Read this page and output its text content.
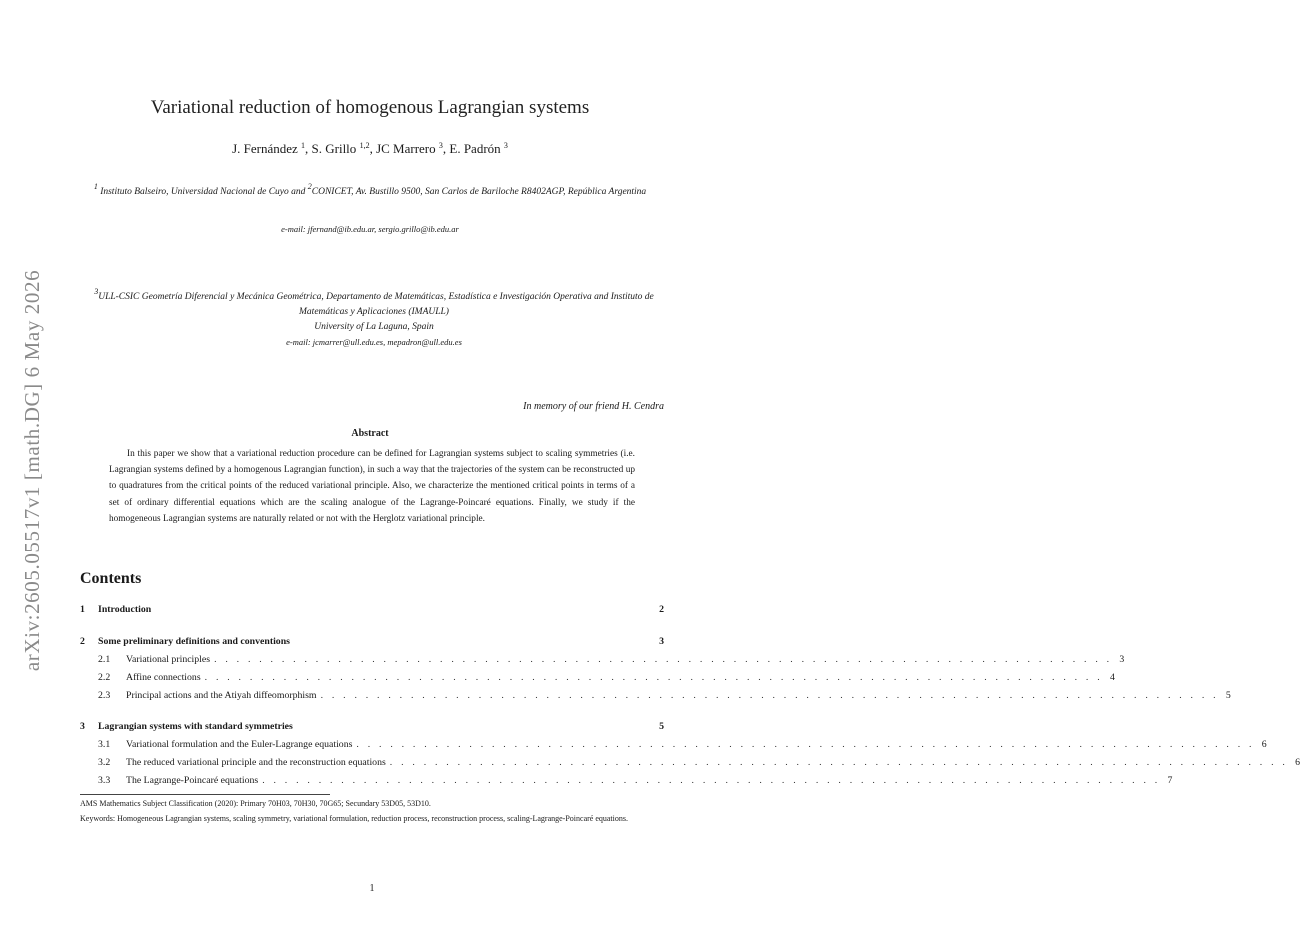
arXiv:2605.05517v1 [math.DG] 6 May 2026
Variational reduction of homogenous Lagrangian systems
J. Fernández $^1$, S. Grillo $^{1,2}$, JC Marrero $^3$, E. Padrón $^3$
$^1$ Instituto Balseiro, Universidad Nacional de Cuyo and $^2$CONICET, Av. Bustillo 9500, San Carlos de Bariloche R8402AGP, República Argentina
e-mail: jfernand@ib.edu.ar, sergio.grillo@ib.edu.ar
$^3$ULL-CSIC Geometría Diferencial y Mecánica Geométrica, Departamento de Matemáticas, Estadística e Investigación Operativa and Instituto de Matemáticas y Aplicaciones (IMAULL)
University of La Laguna, Spain
e-mail: jcmarrer@ull.edu.es, mepadron@ull.edu.es
In memory of our friend H. Cendra
Abstract
In this paper we show that a variational reduction procedure can be defined for Lagrangian systems subject to scaling symmetries (i.e. Lagrangian systems defined by a homogenous Lagrangian function), in such a way that the trajectories of the system can be reconstructed up to quadratures from the critical points of the reduced variational principle. Also, we characterize the mentioned critical points in terms of a set of ordinary differential equations which are the scaling analogue of the Lagrange-Poincaré equations. Finally, we study if the homogeneous Lagrangian systems are naturally related or not with the Herglotz variational principle.
Contents
1	Introduction	2
2	Some preliminary definitions and conventions	3
2.1	Variational principles . . . . . . . . . . . . . . . . . . . . . . . . . . . . . . . . . . . . . . . . . . . . . . . . . . . . . . . . . . . . . . . . . . . . . . . . . . . . . . . . 3
2.2	Affine connections . . . . . . . . . . . . . . . . . . . . . . . . . . . . . . . . . . . . . . . . . . . . . . . . . . . . . . . . . . . . . . . . . . . . . . . . . . . . . . . . 4
2.3	Principal actions and the Atiyah diffeomorphism . . . . . . . . . . . . . . . . . . . . . . . . . . . . . . . . . . . . . . . . . . . . . . . . . . . . . . . . . . . . . . . . . . . . . . . . . . . . . . . . 5
3	Lagrangian systems with standard symmetries	5
3.1	Variational formulation and the Euler-Lagrange equations . . . . . . . . . . . . . . . . . . . . . . . . . . . . . . . . . . . . . . . . . . . . . . . . . . . . . . . . . . . . . . . . . . . . . . . . . . . . . . . . 6
3.2	The reduced variational principle and the reconstruction equations . . . . . . . . . . . . . . . . . . . . . . . . . . . . . . . . . . . . . . . . . . . . . . . . . . . . . . . . . . . . . . . . . . . . . . . . . . . . . . . . 6
3.3	The Lagrange-Poincaré equations . . . . . . . . . . . . . . . . . . . . . . . . . . . . . . . . . . . . . . . . . . . . . . . . . . . . . . . . . . . . . . . . . . . . . . . . . . . . . . . . 7
AMS Mathematics Subject Classification (2020): Primary 70H03, 70H30, 70G65; Secundary 53D05, 53D10.
Keywords: Homogeneous Lagrangian systems, scaling symmetry, variational formulation, reduction process, reconstruction process, scaling-Lagrange-Poincaré equations.
1
